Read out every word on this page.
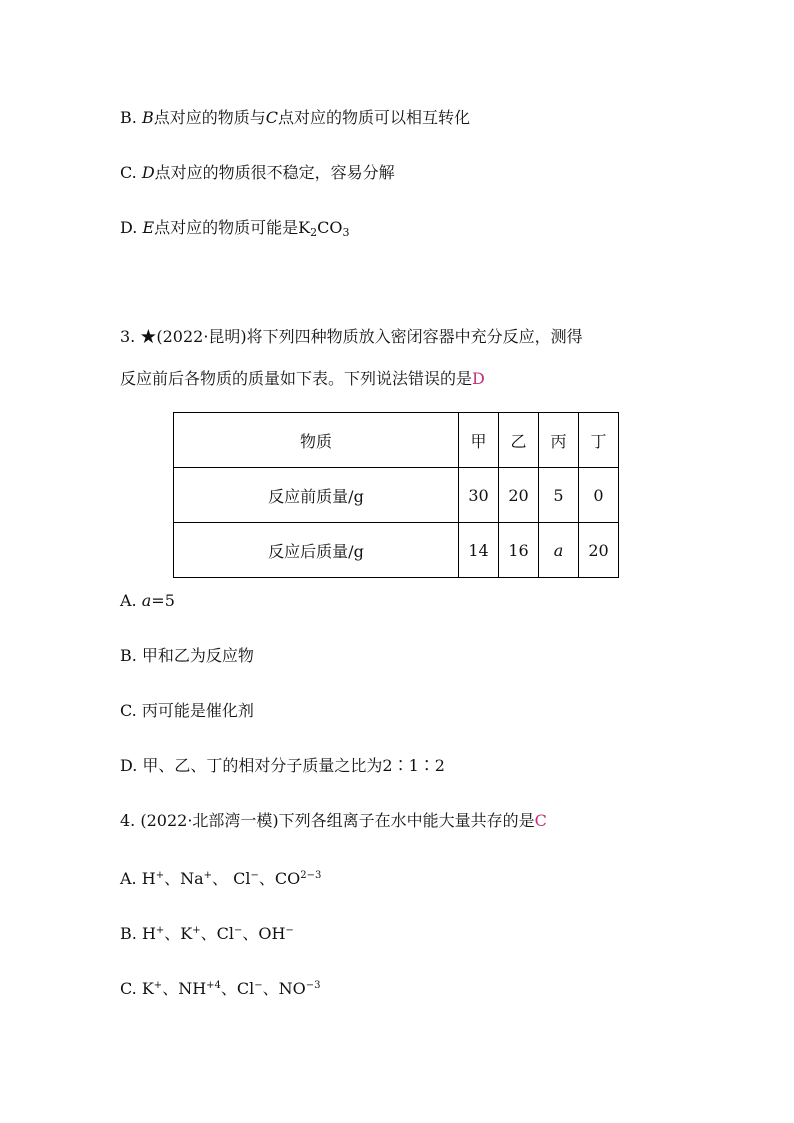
B. B点对应的物质与C点对应的物质可以相互转化
C. D点对应的物质很不稳定，容易分解
D. E点对应的物质可能是$K_2CO_3$
3. ★(2022·昆明)将下列四种物质放入密闭容器中充分反应，测得
反应前后各物质的质量如下表。下列说法错误的是D
物质	甲	乙	丙	丁
反应前质量/g	30	20	5	0
反应后质量/g	14	16	a	20
A. a=5
B. 甲和乙为反应物
C. 丙可能是催化剂
D. 甲、乙、丁的相对分子质量之比为2∶1∶2
4. (2022·北部湾一模)下列各组离子在水中能大量共存的是C
A. H+、Na+、 Cl−、$CO^{2-3}$
B. H+、K+、Cl−、OH−
C. K+、$NH^{+4}$、Cl−、$NO^{-3}$
